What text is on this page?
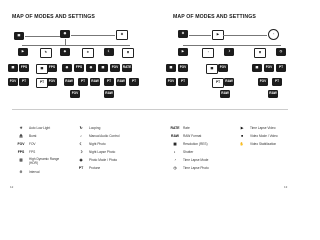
MAP OF MODES AND SETTINGS
▣	◉	⚙
▶	↻	◈	✶	☾	⧗
▦	FPS	▦	FPS	◉	FPS	◉	▦	FOV	RATE
FOV	PT	PT	FOV	RAW	PT	RAW	PT	RAW	PT
FOV	RAW
☀	Auto Low Light
⁂	Burst
FOV	FOV
FPS	FPS
▥	High Dynamic Range (HDR)
⏱	Interval
↻	Looping
♪	Manual Audio Control
☾	Night Photo
☽	Night Lapse Photo
◉	Photo Mode / Photo
PT	Protune
12
MAP OF MODES AND SETTINGS
⚙	▶	◔
▶	◔	☽	⧗	◷
▦	FOV	▦	FOV	▦	FOV	PT
FOV	PT	PT	RAW	FOV	PT
RAW	RAW
RATE Rate
RAW	RAW Format
▦	Resolution (RES)
◐	Shutter
◔	Time Lapse Mode
◷	Time Lapse Photo
▶	Time Lapse Video
■	Video Mode / Video
✋	Video Stabilization
13
